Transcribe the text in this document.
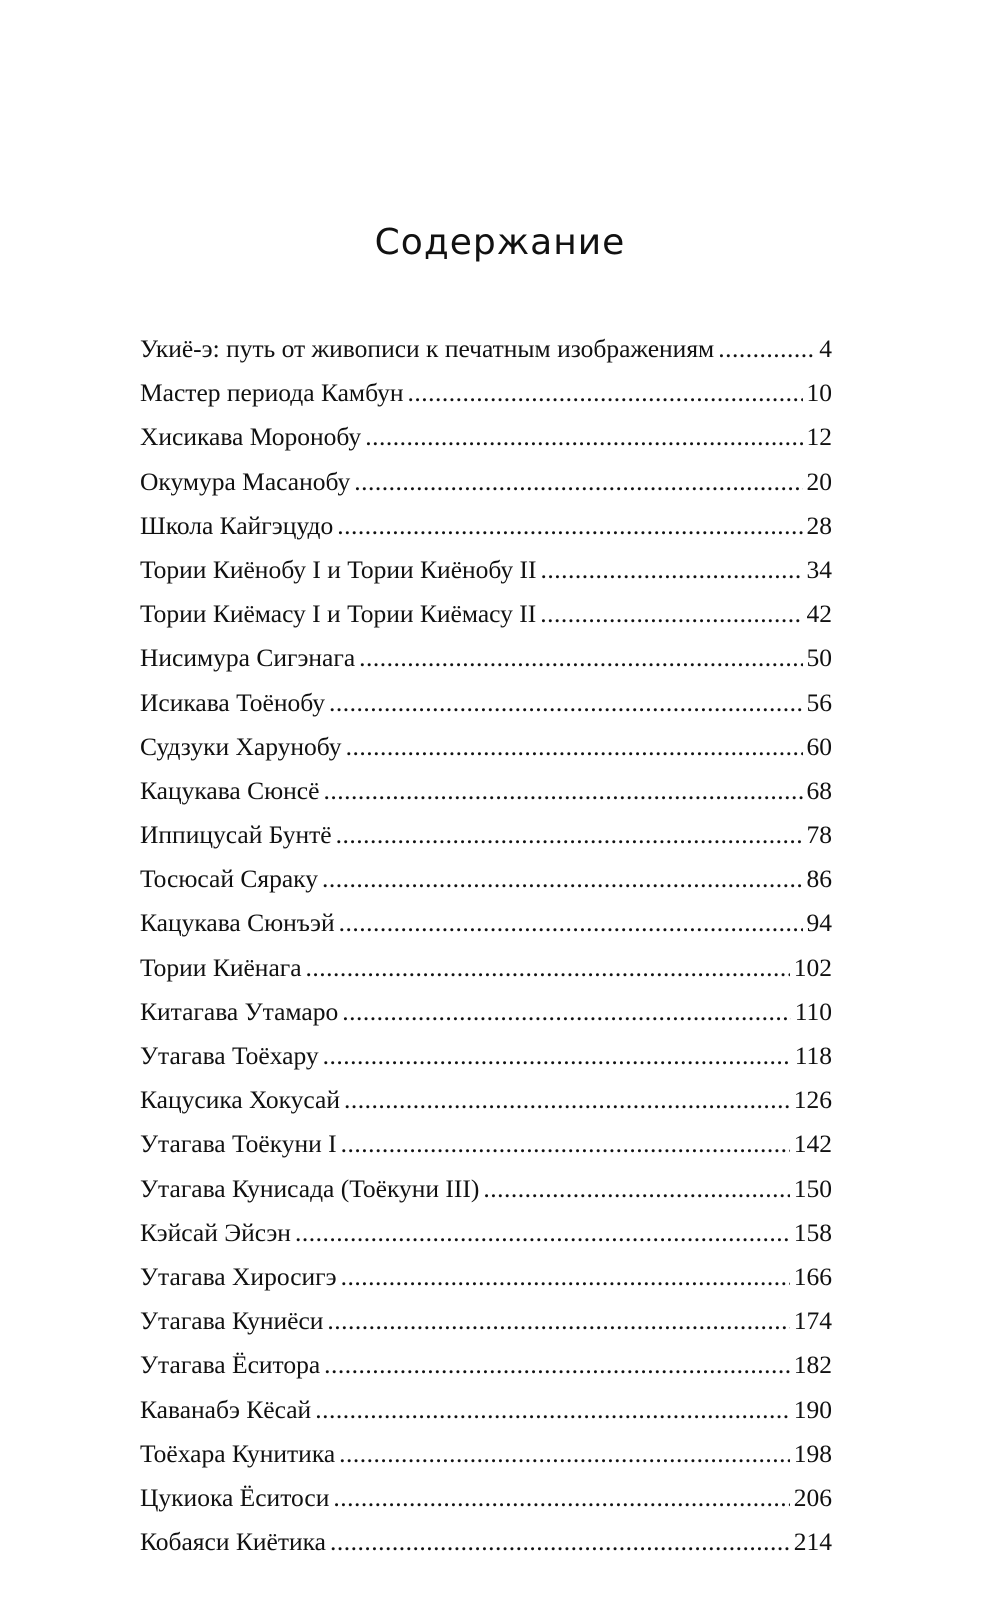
Содержание
Укиё-э: путь от живописи к печатным изображениям .....	4
Мастер периода Камбун .....	10
Хисикава Моронобу .....	12
Окумура Масанобу .....	20
Школа Кайгэцудо .....	28
Тории Киёнобу I и Тории Киёнобу II .....	34
Тории Киёмасу I и Тории Киёмасу II .....	42
Нисимура Сигэнага .....	50
Исикава Тоёнобу .....	56
Судзуки Харунобу .....	60
Кацукава Сюнсё .....	68
Иппицусай Бунтё .....	78
Тосюсай Сяраку .....	86
Кацукава Сюнъэй .....	94
Тории Киёнага .....	102
Китагава Утамаро .....	110
Утагава Тоёхару .....	118
Кацусика Хокусай .....	126
Утагава Тоёкуни I .....	142
Утагава Кунисада (Тоёкуни III) .....	150
Кэйсай Эйсэн .....	158
Утагава Хиросигэ .....	166
Утагава Куниёси .....	174
Утагава Ёситора .....	182
Каванабэ Кёсай .....	190
Тоёхара Кунитика .....	198
Цукиока Ёситоси .....	206
Кобаяси Киётика .....	214
